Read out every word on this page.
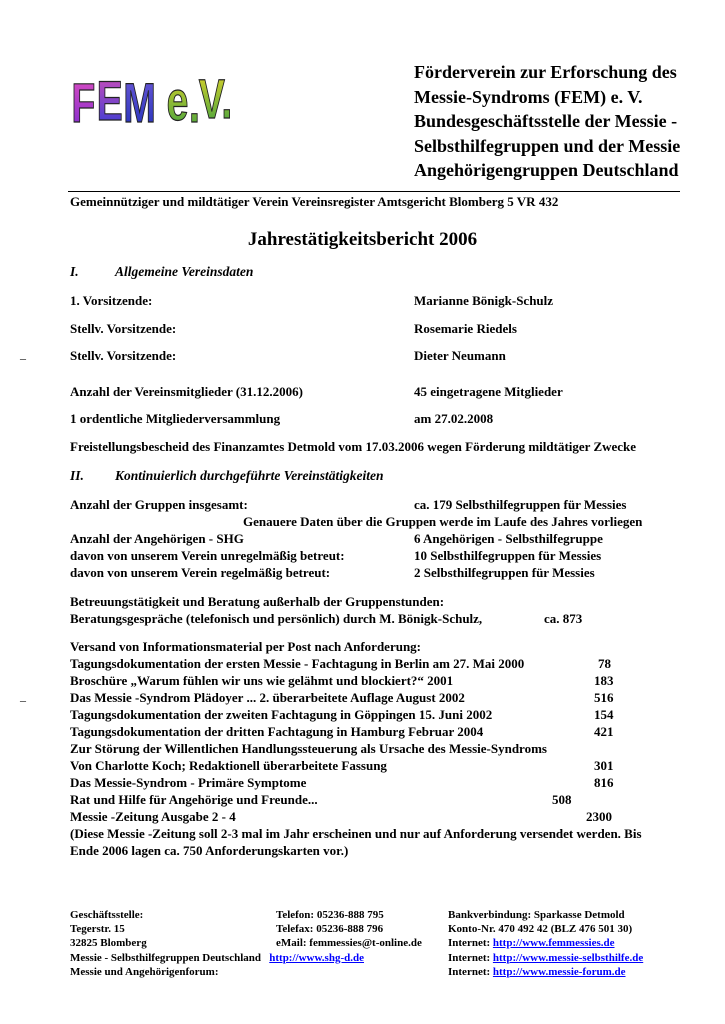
F E M e .
V.	Förderverein zur Erforschung des
Messie-Syndroms (FEM) e. V.
Bundesgeschäftsstelle der Messie -
Selbsthilfegruppen und der Messie
Angehörigengruppen Deutschland
Gemeinnütziger und mildtätiger Verein Vereinsregister Amtsgericht Blomberg 5 VR 432
Jahrestätigkeitsbericht 2006
I.	Allgemeine Vereinsdaten
1. Vorsitzende:	Marianne Bönigk-Schulz
Stellv. Vorsitzende:	Rosemarie Riedels
–	Stellv. Vorsitzende:	Dieter Neumann
Anzahl der Vereinsmitglieder (31.12.2006)	45 eingetragene Mitglieder
1 ordentliche Mitgliederversammlung	am 27.02.2008
Freistellungsbescheid des Finanzamtes Detmold vom 17.03.2006 wegen Förderung mildtätiger Zwecke
II. Kontinuierlich durchgeführte Vereinstätigkeiten
Anzahl der Gruppen insgesamt:	ca. 179 Selbsthilfegruppen für Messies
Genauere Daten über die Gruppen werde im Laufe des Jahres vorliegen
Anzahl der Angehörigen - SHG	6 Angehörigen - Selbsthilfegruppe
davon von unserem Verein unregelmäßig betreut:	10 Selbsthilfegruppen für Messies
davon von unserem Verein regelmäßig betreut:	2 Selbsthilfegruppen für Messies
Betreuungstätigkeit und Beratung außerhalb der Gruppenstunden:
Beratungsgespräche (telefonisch und persönlich) durch M. Bönigk-Schulz,	ca. 873
Versand von Informationsmaterial per Post nach Anforderung:
Tagungsdokumentation der ersten Messie - Fachtagung in Berlin am 27. Mai 2000	78
Broschüre „Warum fühlen wir uns wie gelähmt und blockiert?“ 2001	183
–	Das Messie -Syndrom Plädoyer ... 2. überarbeitete Auflage August 2002	516
Tagungsdokumentation der zweiten Fachtagung in Göppingen 15. Juni 2002	154
Tagungsdokumentation der dritten Fachtagung in Hamburg Februar 2004	421
Zur Störung der Willentlichen Handlungssteuerung als Ursache des Messie-Syndroms
Von Charlotte Koch; Redaktionell überarbeitete Fassung	301
Das Messie-Syndrom - Primäre Symptome	816
Rat und Hilfe für Angehörige und Freunde...	508
Messie -Zeitung Ausgabe 2 - 4	2300
(Diese Messie -Zeitung soll 2-3 mal im Jahr erscheinen und nur auf Anforderung versendet werden. Bis
Ende 2006 lagen ca. 750 Anforderungskarten vor.)
Geschäftsstelle:
Tegerstr. 15
32825 Blomberg
Messie - Selbsthilfegruppen Deutschland http://www.shg-d.de
Messie und Angehörigenforum:
Telefon: 05236-888 795
Telefax: 05236-888 796
eMail: femmessies@t-online.de
Bankverbindung: Sparkasse Detmold
Konto-Nr. 470 492 42 (BLZ 476 501 30)
Internet: http://www.femmessies.de
Internet: http://www.messie-selbsthilfe.de
Internet: http://www.messie-forum.de
